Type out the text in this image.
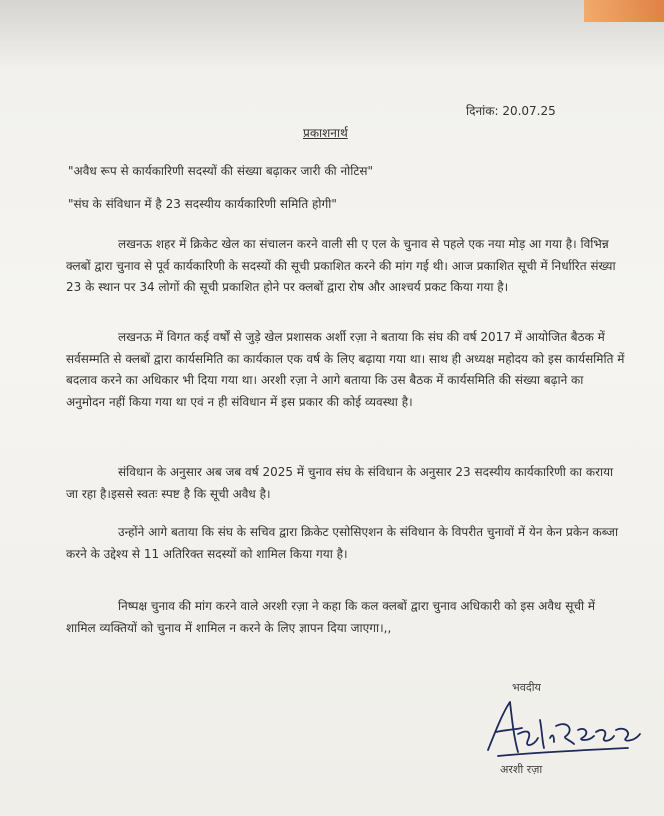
दिनांक: 20.07.25
प्रकाशनार्थ
"अवैध रूप से कार्यकारिणी सदस्यों की संख्या बढ़ाकर जारी की नोटिस"
"संघ के संविधान में है 23 सदस्यीय कार्यकारिणी समिति होगी"

लखनऊ शहर में क्रिकेट खेल का संचालन करने वाली सी ए एल के चुनाव से पहले एक नया मोड़ आ गया है। विभिन्न क्लबों द्वारा चुनाव से पूर्व कार्यकारिणी के सदस्यों की सूची प्रकाशित करने की मांग गई थी। आज प्रकाशित सूची में निर्धारित संख्या 23 के स्थान पर 34 लोगों की सूची प्रकाशित होने पर क्लबों द्वारा रोष और आश्चर्य प्रकट किया गया है।

लखनऊ में विगत कई वर्षों से जुड़े खेल प्रशासक अर्शी रज़ा ने बताया कि संघ की वर्ष 2017 में आयोजित बैठक में सर्वसम्मति से क्लबों द्वारा कार्यसमिति का कार्यकाल एक वर्ष के लिए बढ़ाया गया था। साथ ही अध्यक्ष महोदय को इस कार्यसमिति में बदलाव करने का अधिकार भी दिया गया था। अरशी रज़ा ने आगे बताया कि उस बैठक में कार्यसमिति की संख्या बढ़ाने का अनुमोदन नहीं किया गया था एवं न ही संविधान में इस प्रकार की कोई व्यवस्था है।

संविधान के अनुसार अब जब वर्ष 2025 में चुनाव संघ के संविधान के अनुसार 23 सदस्यीय कार्यकारिणी का कराया जा रहा है।इससे स्वतः स्पष्ट है कि सूची अवैध है।

उन्होंने आगे बताया कि संघ के सचिव द्वारा क्रिकेट एसोसिएशन के संविधान के विपरीत चुनावों में येन केन प्रकेन कब्जा करने के उद्देश्य से 11 अतिरिक्त सदस्यों को शामिल किया गया है।

निष्पक्ष चुनाव की मांग करने वाले अरशी रज़ा ने कहा कि कल क्लबों द्वारा चुनाव अधिकारी को इस अवैध सूची में शामिल व्यक्तियों को चुनाव में शामिल न करने के लिए ज्ञापन दिया जाएगा।,,

भवदीय
अरशी रज़ा
